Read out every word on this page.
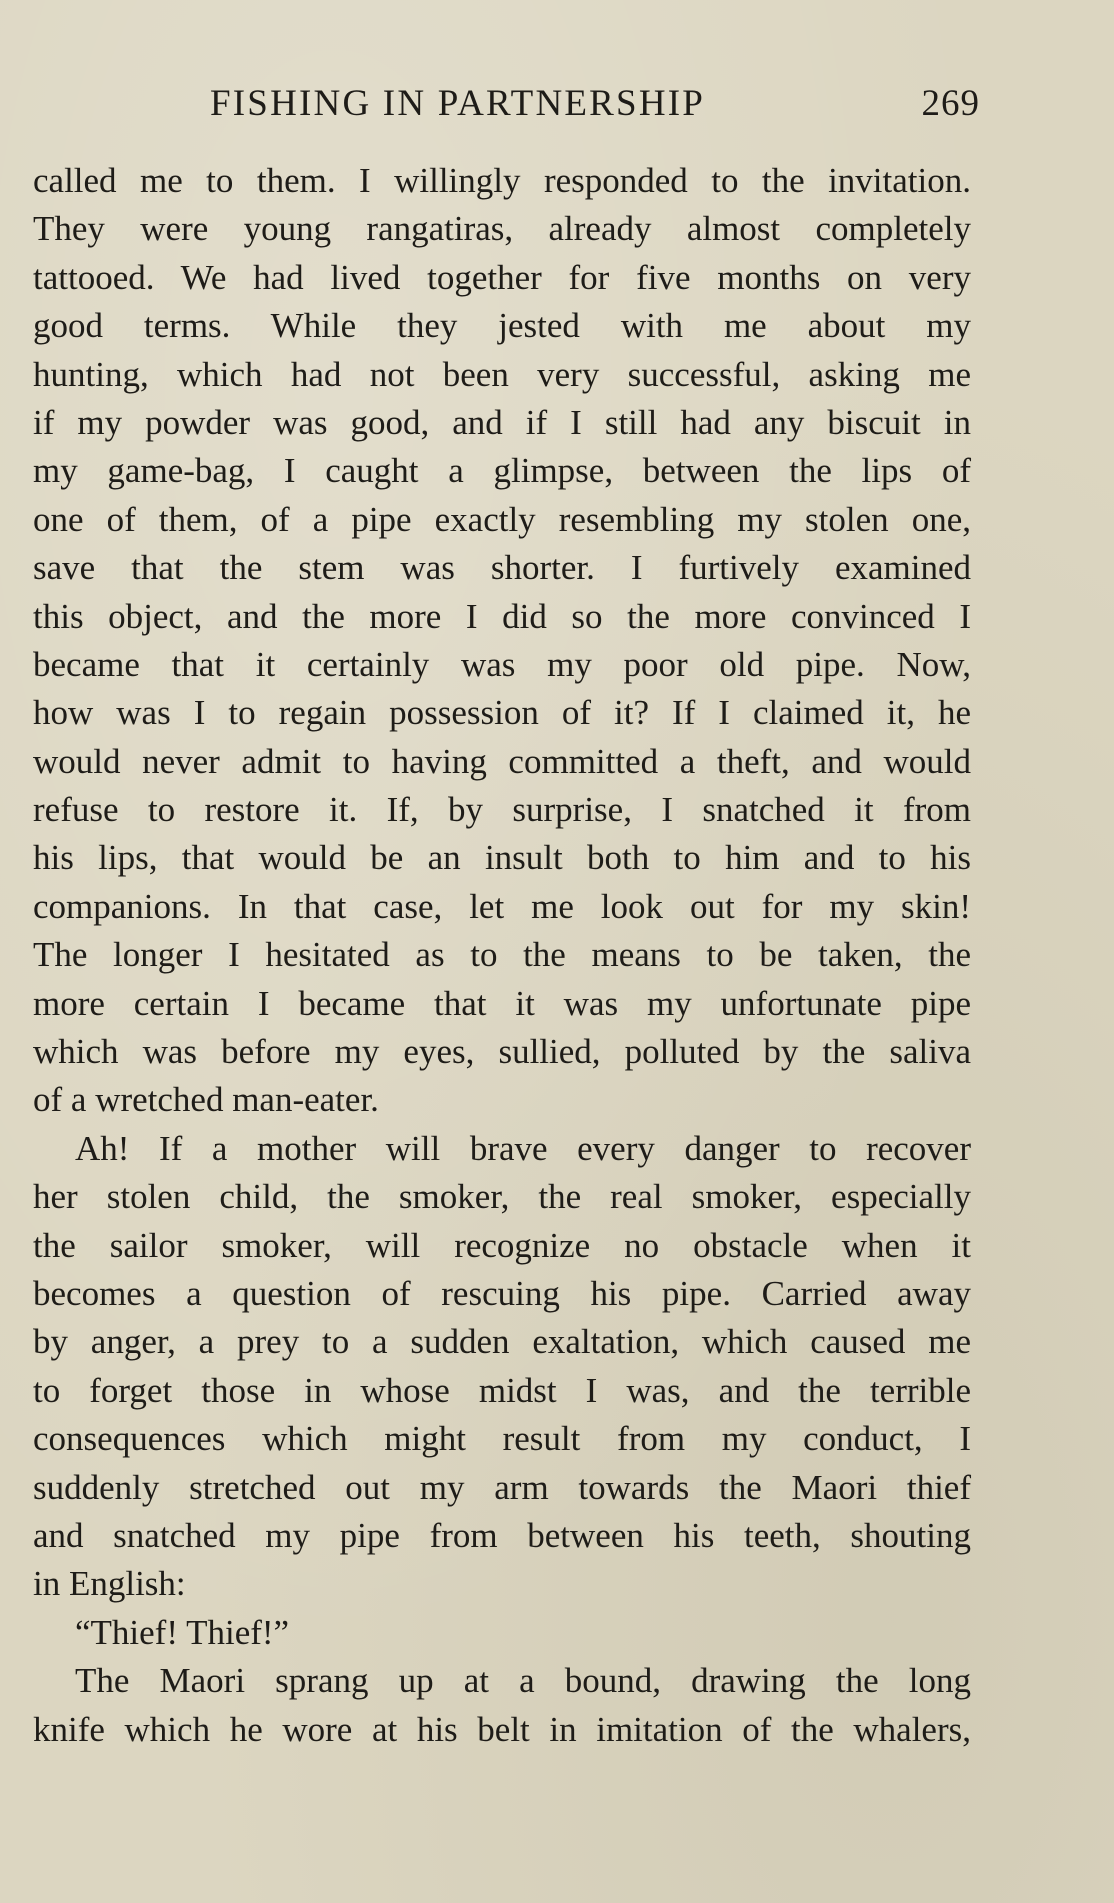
FISHING IN PARTNERSHIP	269
called me to them. I willingly responded to the invitation.
They were young rangatiras, already almost completely
tattooed. We had lived together for five months on very
good terms. While they jested with me about my
hunting, which had not been very successful, asking me
if my powder was good, and if I still had any biscuit in
my game-bag, I caught a glimpse, between the lips of
one of them, of a pipe exactly resembling my stolen one,
save that the stem was shorter. I furtively examined
this object, and the more I did so the more convinced I
became that it certainly was my poor old pipe. Now,
how was I to regain possession of it? If I claimed it, he
would never admit to having committed a theft, and would
refuse to restore it. If, by surprise, I snatched it from
his lips, that would be an insult both to him and to his
companions. In that case, let me look out for my skin!
The longer I hesitated as to the means to be taken, the
more certain I became that it was my unfortunate pipe
which was before my eyes, sullied, polluted by the saliva
of a wretched man-eater.
Ah! If a mother will brave every danger to recover
her stolen child, the smoker, the real smoker, especially
the sailor smoker, will recognize no obstacle when it
becomes a question of rescuing his pipe. Carried away
by anger, a prey to a sudden exaltation, which caused me
to forget those in whose midst I was, and the terrible
consequences which might result from my conduct, I
suddenly stretched out my arm towards the Maori thief
and snatched my pipe from between his teeth, shouting
in English:
“Thief! Thief!”
The Maori sprang up at a bound, drawing the long
knife which he wore at his belt in imitation of the whalers,
